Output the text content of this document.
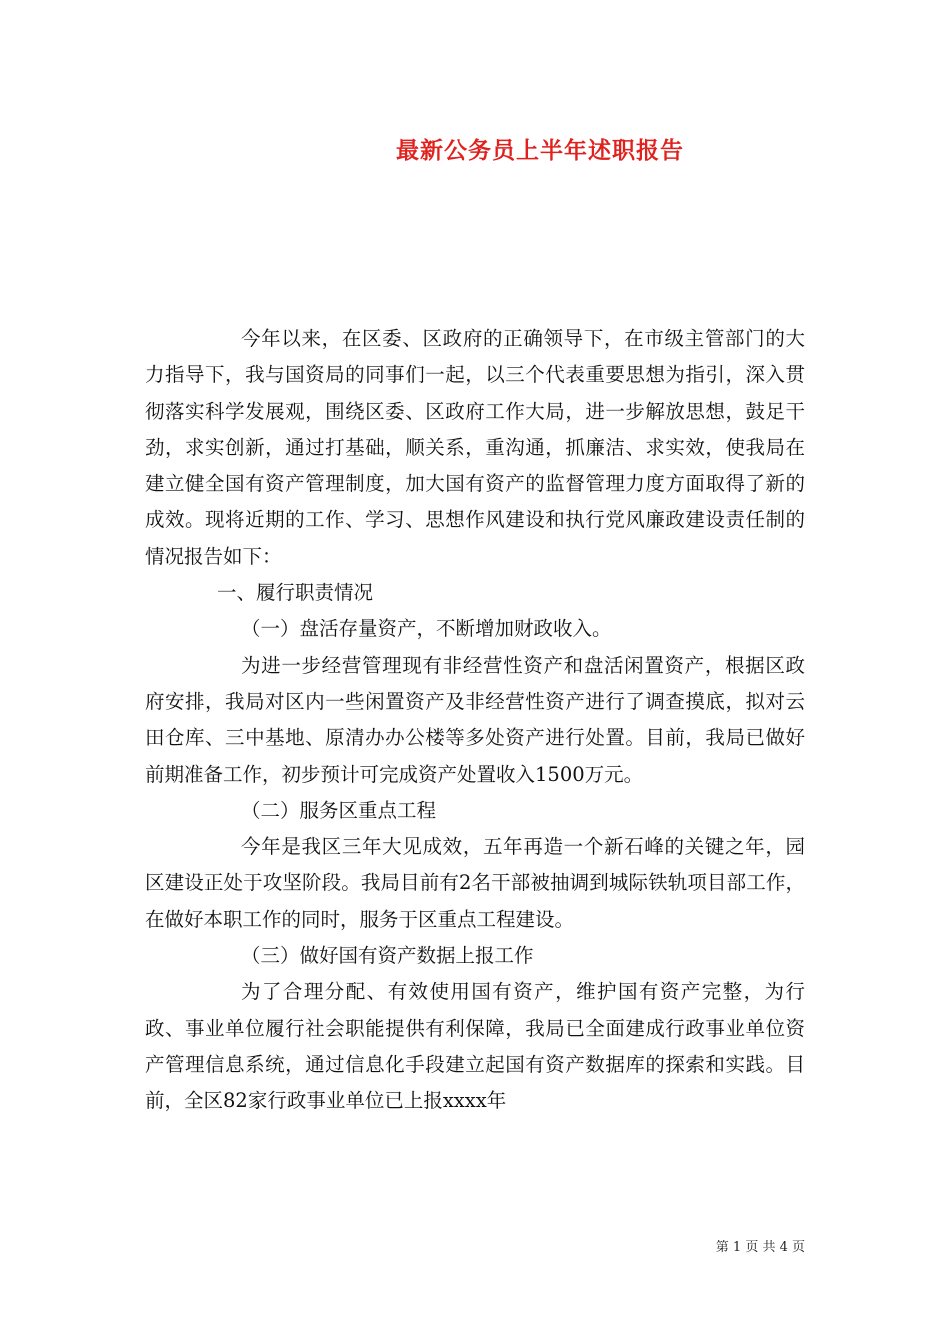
最新公务员上半年述职报告

今年以来，在区委、区政府的正确领导下，在市级主管部门的大力指导下，我与国资局的同事们一起，以三个代表重要思想为指引，深入贯彻落实科学发展观，围绕区委、区政府工作大局，进一步解放思想，鼓足干劲，求实创新，通过打基础，顺关系，重沟通，抓廉洁、求实效，使我局在建立健全国有资产管理制度，加大国有资产的监督管理力度方面取得了新的成效。现将近期的工作、学习、思想作风建设和执行党风廉政建设责任制的情况报告如下：

一、履行职责情况

（一）盘活存量资产，不断增加财政收入。

为进一步经营管理现有非经营性资产和盘活闲置资产，根据区政府安排，我局对区内一些闲置资产及非经营性资产进行了调查摸底，拟对云田仓库、三中基地、原清办办公楼等多处资产进行处置。目前，我局已做好前期准备工作，初步预计可完成资产处置收入1500万元。

（二）服务区重点工程

今年是我区三年大见成效，五年再造一个新石峰的关键之年，园区建设正处于攻坚阶段。我局目前有2名干部被抽调到城际铁轨项目部工作，在做好本职工作的同时，服务于区重点工程建设。

（三）做好国有资产数据上报工作

为了合理分配、有效使用国有资产，维护国有资产完整，为行政、事业单位履行社会职能提供有利保障，我局已全面建成行政事业单位资产管理信息系统，通过信息化手段建立起国有资产数据库的探索和实践。目前，全区82家行政事业单位已上报xxxx年

第 1 页 共 4 页
